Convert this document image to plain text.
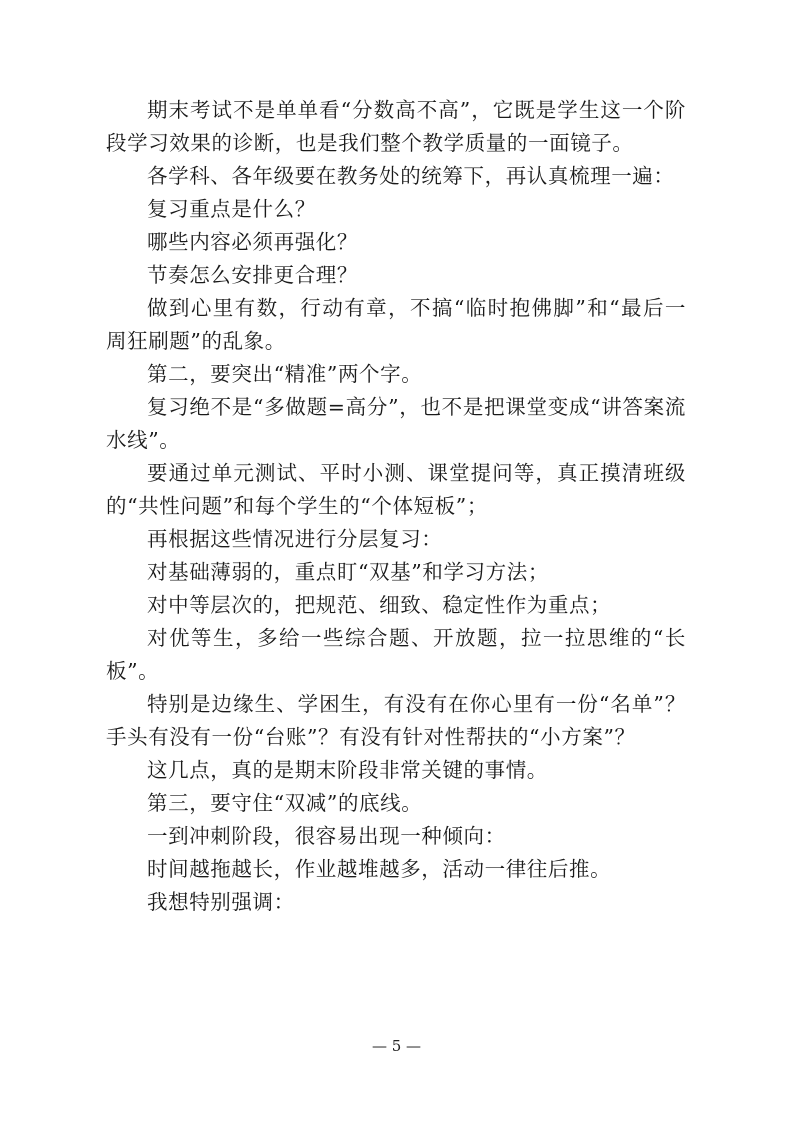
期末考试不是单单看“分数高不高”，它既是学生这一个阶段学习效果的诊断，也是我们整个教学质量的一面镜子。

各学科、各年级要在教务处的统筹下，再认真梳理一遍：

复习重点是什么？

哪些内容必须再强化？

节奏怎么安排更合理？

做到心里有数，行动有章，不搞“临时抱佛脚”和“最后一周狂刷题”的乱象。

第二，要突出“精准”两个字。

复习绝不是“多做题=高分”，也不是把课堂变成“讲答案流水线”。

要通过单元测试、平时小测、课堂提问等，真正摸清班级的“共性问题”和每个学生的“个体短板”；

再根据这些情况进行分层复习：

对基础薄弱的，重点盯“双基”和学习方法；

对中等层次的，把规范、细致、稳定性作为重点；

对优等生，多给一些综合题、开放题，拉一拉思维的“长板”。

特别是边缘生、学困生，有没有在你心里有一份“名单”？手头有没有一份“台账”？有没有针对性帮扶的“小方案”？

这几点，真的是期末阶段非常关键的事情。

第三，要守住“双减”的底线。

一到冲刺阶段，很容易出现一种倾向：

时间越拖越长，作业越堆越多，活动一律往后推。

我想特别强调：

— 5 —
